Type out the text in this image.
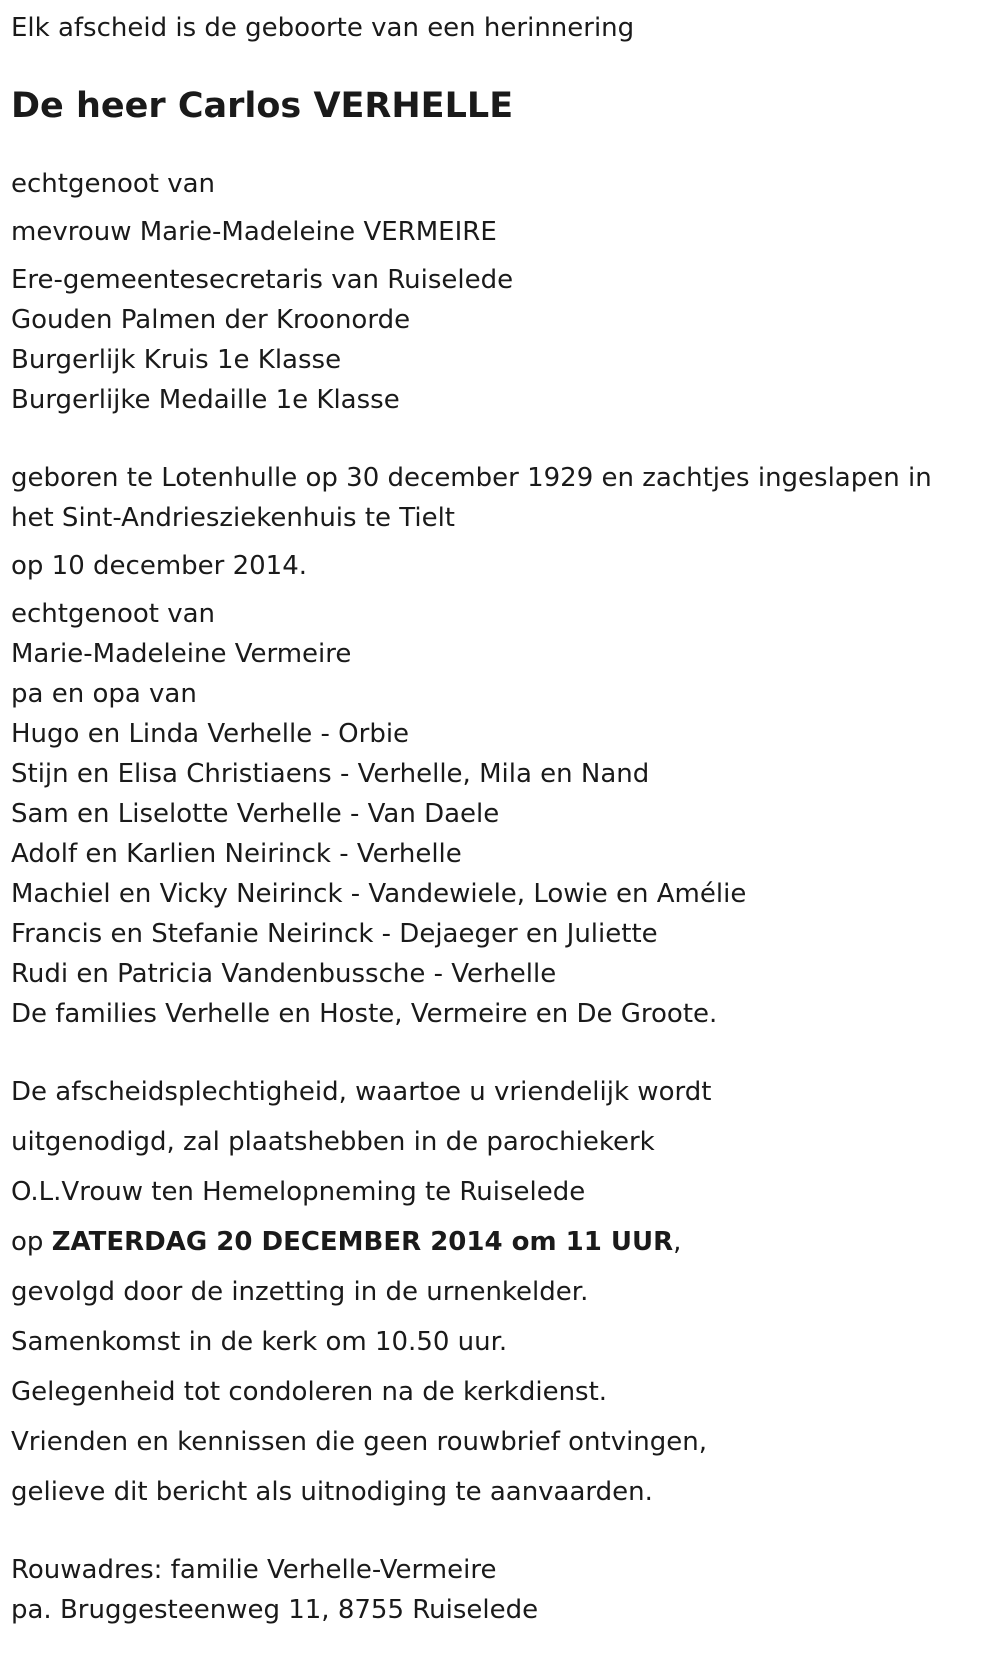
Elk afscheid is de geboorte van een herinnering

De heer Carlos VERHELLE

echtgenoot van

mevrouw Marie-Madeleine VERMEIRE

Ere-gemeentesecretaris van Ruiselede

Gouden Palmen der Kroonorde

Burgerlijk Kruis 1e Klasse

Burgerlijke Medaille 1e Klasse

geboren te Lotenhulle op 30 december 1929 en zachtjes ingeslapen in het Sint-Andriesziekenhuis te Tielt

op 10 december 2014.

echtgenoot van

Marie-Madeleine Vermeire

pa en opa van

Hugo en Linda Verhelle - Orbie

Stijn en Elisa Christiaens - Verhelle, Mila en Nand

Sam en Liselotte Verhelle - Van Daele

Adolf en Karlien Neirinck - Verhelle

Machiel en Vicky Neirinck - Vandewiele, Lowie en Amélie

Francis en Stefanie Neirinck - Dejaeger en Juliette

Rudi en Patricia Vandenbussche - Verhelle

De families Verhelle en Hoste, Vermeire en De Groote.

De afscheidsplechtigheid, waartoe u vriendelijk wordt

uitgenodigd, zal plaatshebben in de parochiekerk

O.L.Vrouw ten Hemelopneming te Ruiselede

op ZATERDAG 20 DECEMBER 2014 om 11 UUR,

gevolgd door de inzetting in de urnenkelder.

Samenkomst in de kerk om 10.50 uur.

Gelegenheid tot condoleren na de kerkdienst.

Vrienden en kennissen die geen rouwbrief ontvingen,

gelieve dit bericht als uitnodiging te aanvaarden.

Rouwadres: familie Verhelle-Vermeire

pa. Bruggesteenweg 11, 8755 Ruiselede
